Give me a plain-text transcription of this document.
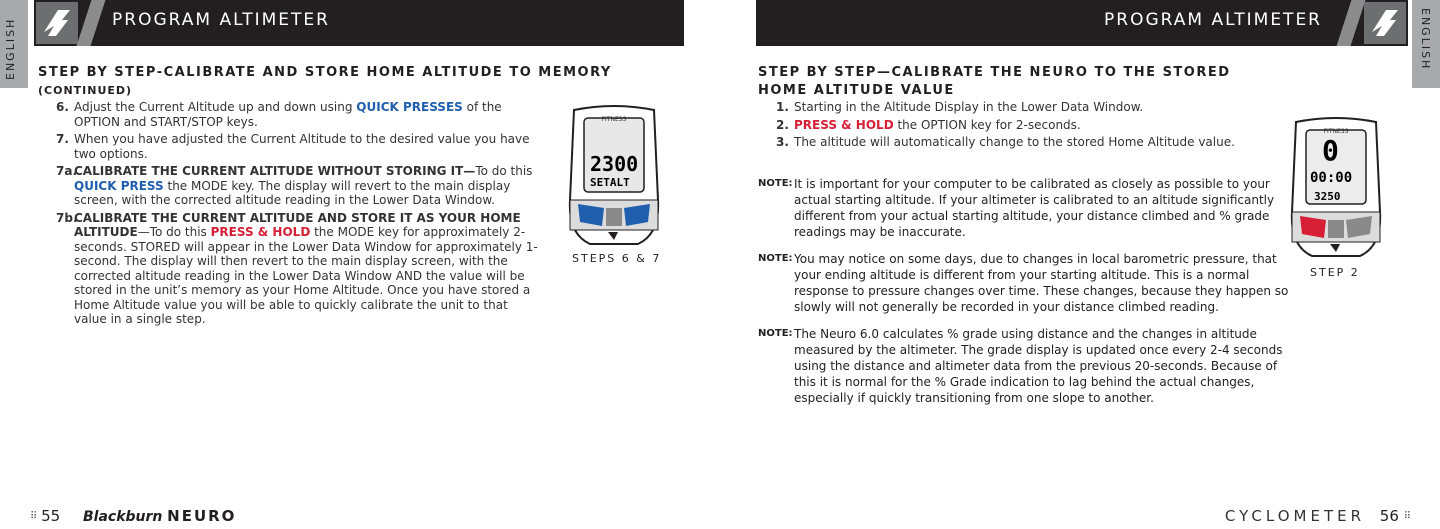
ENGLISH	PROGRAM ALTIMETER
STEP BY STEP-CALIBRATE AND STORE HOME ALTITUDE TO MEMORY
(CONTINUED)
6. Adjust the Current Altitude up and down using QUICK PRESSES of the OPTION and START/STOP keys.
7. When you have adjusted the Current Altitude to the desired value you have two options.
7a.
CALIBRATE THE CURRENT ALTITUDE WITHOUT STORING IT—To do this QUICK PRESS the MODE key. The display will revert to the main display screen, with the corrected altitude reading in the Lower Data Window.
7b.
CALIBRATE THE CURRENT ALTITUDE AND STORE IT AS YOUR HOME ALTITUDE—To do this PRESS & HOLD the MODE key for approximately 2-seconds. STORED will appear in the Lower Data Window for approximately 1-second. The display will then revert to the main display screen, with the corrected altitude reading in the Lower Data Window AND the value will be stored in the unit’s memory as your Home Altitude. Once you have stored a Home Altitude value you will be able to quickly calibrate the unit to that value in a single step.
FITNESS
2300
SETALT
STEPS 6 & 7
⠿ 55 Blackburn NEURO
ENGLISH
PROGRAM ALTIMETER
STEP BY STEP—CALIBRATE THE NEURO TO THE STORED
HOME ALTITUDE VALUE
1. Starting in the Altitude Display in the Lower Data Window.
2. PRESS & HOLD the OPTION key for 2-seconds.
3. The altitude will automatically change to the stored Home Altitude value.
NOTE: It is important for your computer to be calibrated as closely as possible to your actual starting altitude. If your altimeter is calibrated to an altitude significantly different from your actual starting altitude, your distance climbed and % grade readings may be inaccurate.
NOTE: You may notice on some days, due to changes in local barometric pressure, that your ending altitude is different from your starting altitude. This is a normal response to pressure changes over time. These changes, because they happen so slowly will not generally be recorded in your distance climbed reading.
NOTE: The Neuro 6.0 calculates % grade using distance and the changes in altitude measured by the altimeter. The grade display is updated once every 2-4 seconds using the distance and altimeter data from the previous 20-seconds. Because of this it is normal for the % Grade indication to lag behind the actual changes, especially if quickly transitioning from one slope to another.
FITNESS
0
00:00
3250
STEP 2
CYCLOMETER 56 ⠿
